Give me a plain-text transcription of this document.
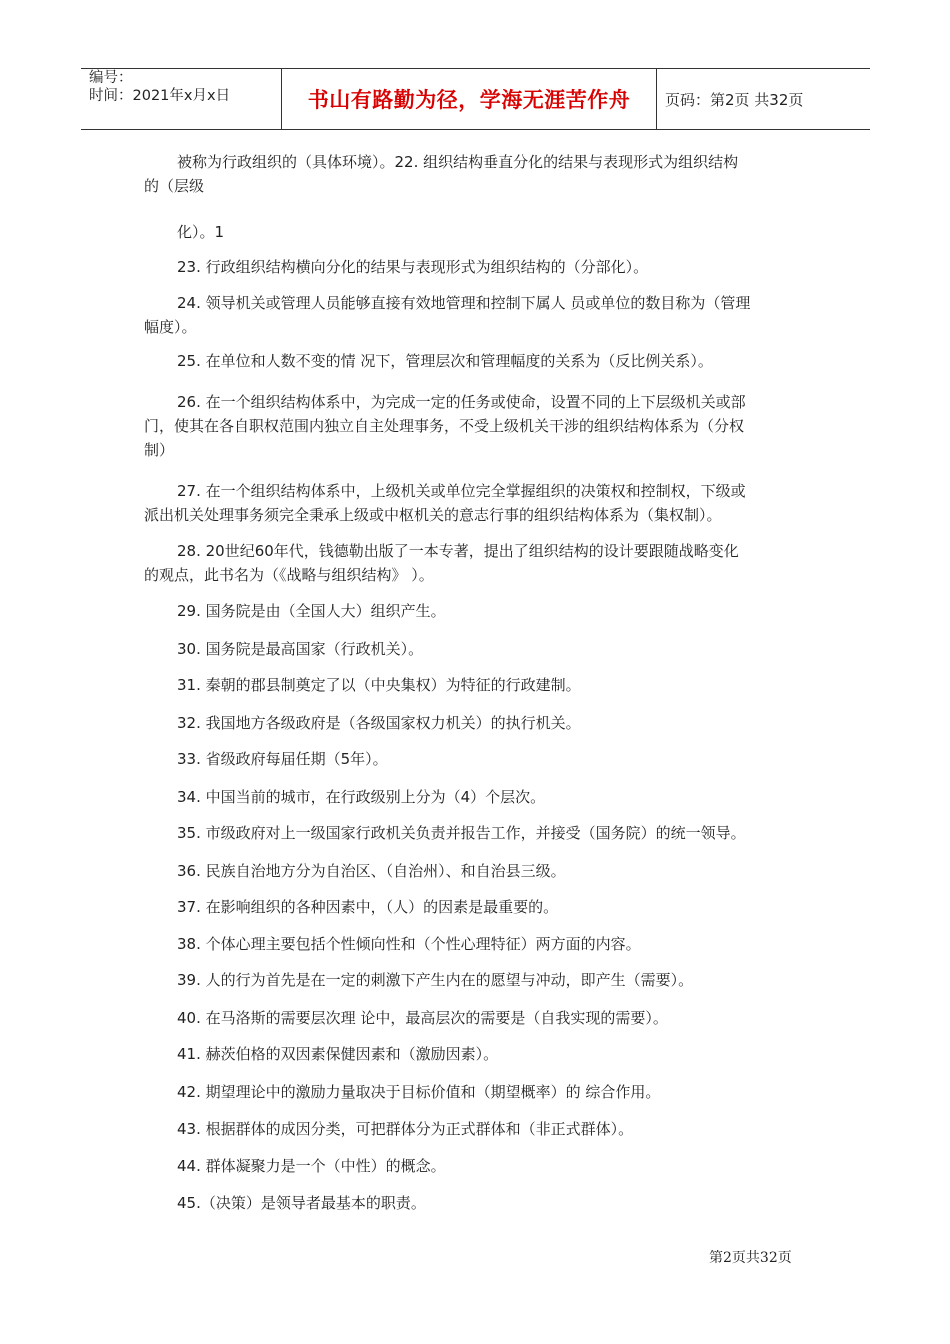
编号：
时间：2021年x月x日	书山有路勤为径，学海无涯苦作舟	页码：第2页 共32页
被称为行政组织的（具体环境）。22. 组织结构垂直分化的结果与表现形式为组织结构
的（层级
化）。1
23. 行政组织结构横向分化的结果与表现形式为组织结构的（分部化）。
24. 领导机关或管理人员能够直接有效地管理和控制下属人 员或单位的数目称为（管理
幅度）。
25. 在单位和人数不变的情 况下，管理层次和管理幅度的关系为（反比例关系）。
26. 在一个组织结构体系中，为完成一定的任务或使命，设置不同的上下层级机关或部
门，使其在各自职权范围内独立自主处理事务，不受上级机关干涉的组织结构体系为（分权
制）
27. 在一个组织结构体系中，上级机关或单位完全掌握组织的决策权和控制权，下级或
派出机关处理事务须完全秉承上级或中枢机关的意志行事的组织结构体系为（集权制）。
28. 20世纪60年代，钱德勒出版了一本专著，提出了组织结构的设计要跟随战略变化
的观点，此书名为（《战略与组织结构》 ）。
29. 国务院是由（全国人大）组织产生。
30. 国务院是最高国家（行政机关）。
31. 秦朝的郡县制奠定了以（中央集权）为特征的行政建制。
32. 我国地方各级政府是（各级国家权力机关）的执行机关。
33. 省级政府每届任期（5年）。
34. 中国当前的城市，在行政级别上分为（4）个层次。
35. 市级政府对上一级国家行政机关负责并报告工作，并接受（国务院）的统一领导。
36. 民族自治地方分为自治区、（自治州）、和自治县三级。
37. 在影响组织的各种因素中，（人）的因素是最重要的。
38. 个体心理主要包括个性倾向性和（个性心理特征）两方面的内容。
39. 人的行为首先是在一定的刺激下产生内在的愿望与冲动，即产生（需要）。
40. 在马洛斯的需要层次理 论中，最高层次的需要是（自我实现的需要）。
41. 赫茨伯格的双因素保健因素和（激励因素）。
42. 期望理论中的激励力量取决于目标价值和（期望概率）的 综合作用。
43. 根据群体的成因分类，可把群体分为正式群体和（非正式群体）。
44. 群体凝聚力是一个（中性）的概念。
45.（决策）是领导者最基本的职责。
第2页共32页
